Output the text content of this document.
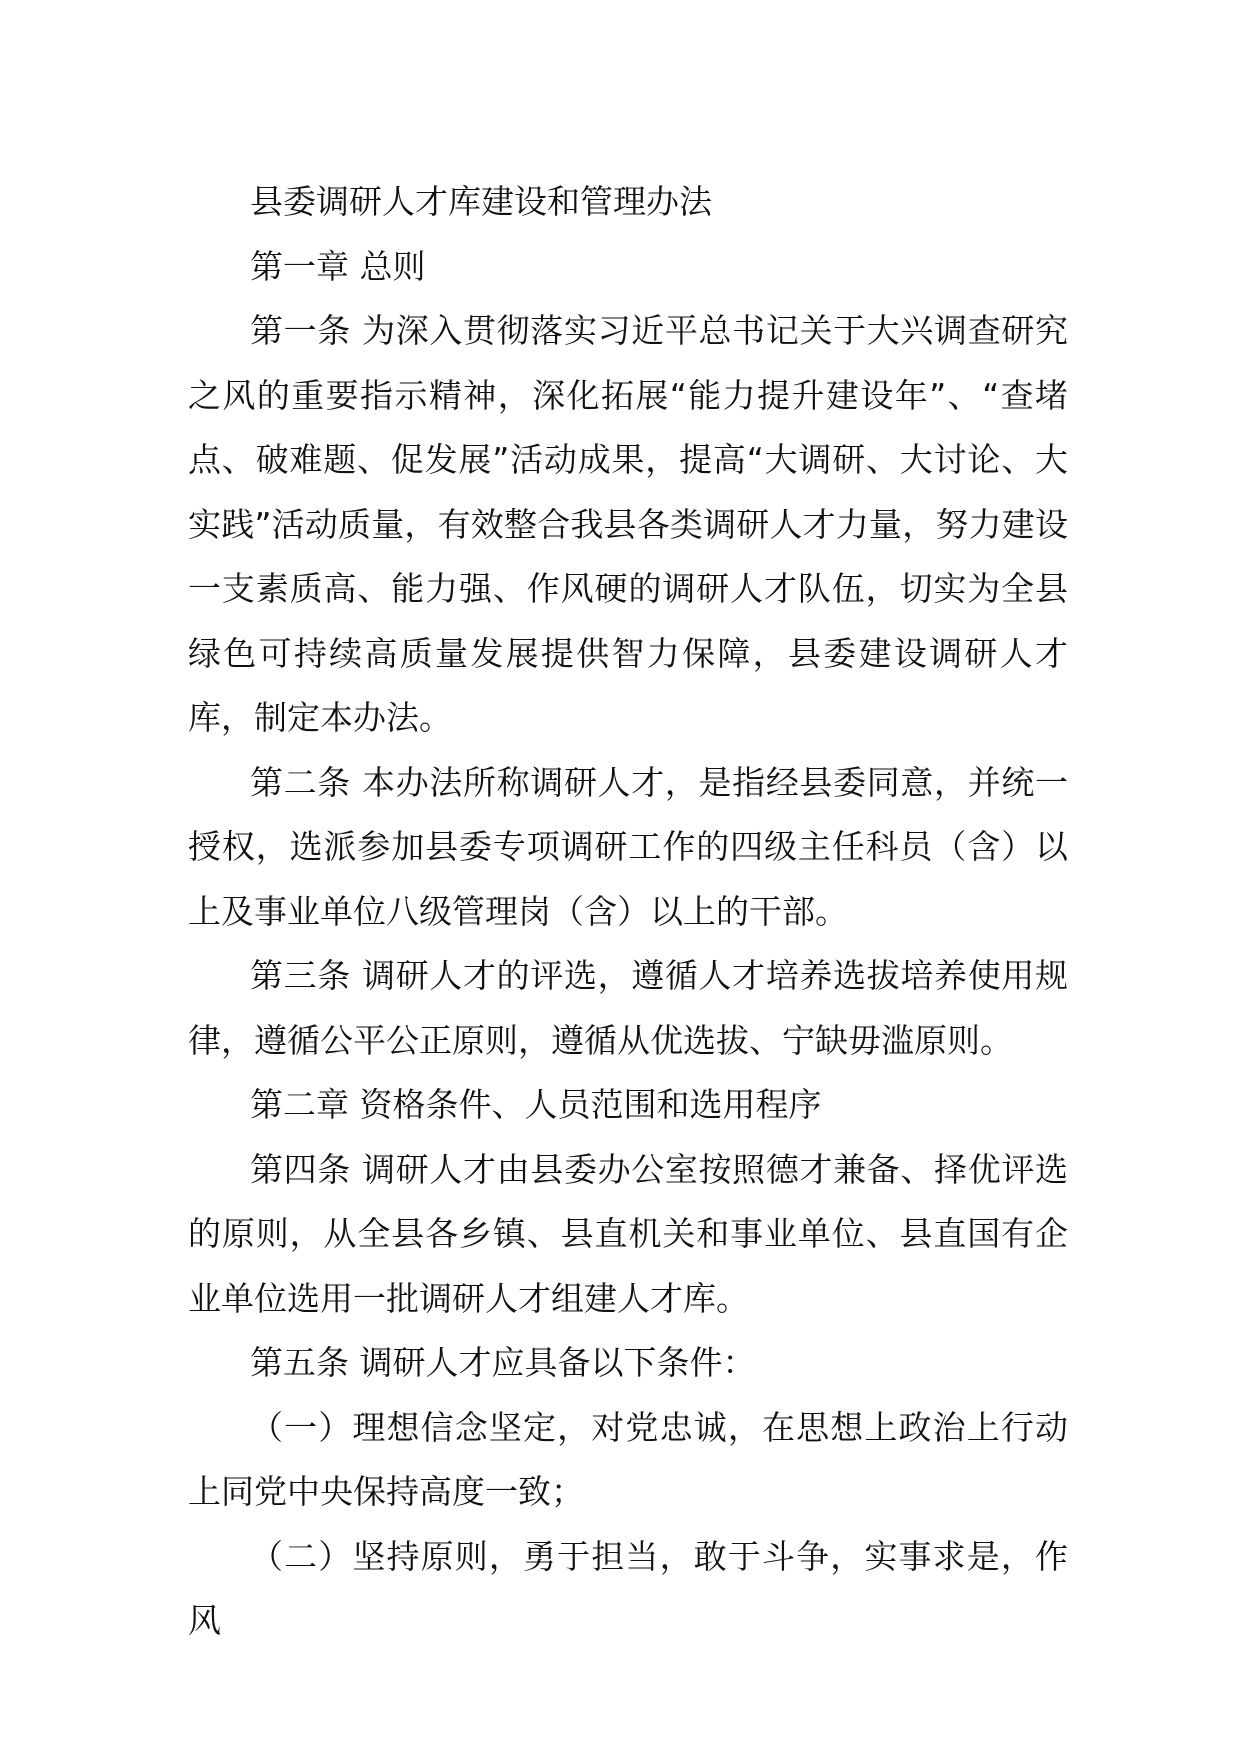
县委调研人才库建设和管理办法

第一章 总则

第一条 为深入贯彻落实习近平总书记关于大兴调查研究之风的重要指示精神，深化拓展“能力提升建设年”、“查堵点、破难题、促发展”活动成果，提高“大调研、大讨论、大实践”活动质量，有效整合我县各类调研人才力量，努力建设一支素质高、能力强、作风硬的调研人才队伍，切实为全县绿色可持续高质量发展提供智力保障，县委建设调研人才库，制定本办法。

第二条 本办法所称调研人才，是指经县委同意，并统一授权，选派参加县委专项调研工作的四级主任科员（含）以上及事业单位八级管理岗（含）以上的干部。

第三条 调研人才的评选，遵循人才培养选拔培养使用规律，遵循公平公正原则，遵循从优选拔、宁缺毋滥原则。

第二章 资格条件、人员范围和选用程序

第四条 调研人才由县委办公室按照德才兼备、择优评选的原则，从全县各乡镇、县直机关和事业单位、县直国有企业单位选用一批调研人才组建人才库。

第五条 调研人才应具备以下条件：

（一）理想信念坚定，对党忠诚，在思想上政治上行动上同党中央保持高度一致；

（二）坚持原则，勇于担当，敢于斗争，实事求是，作风
